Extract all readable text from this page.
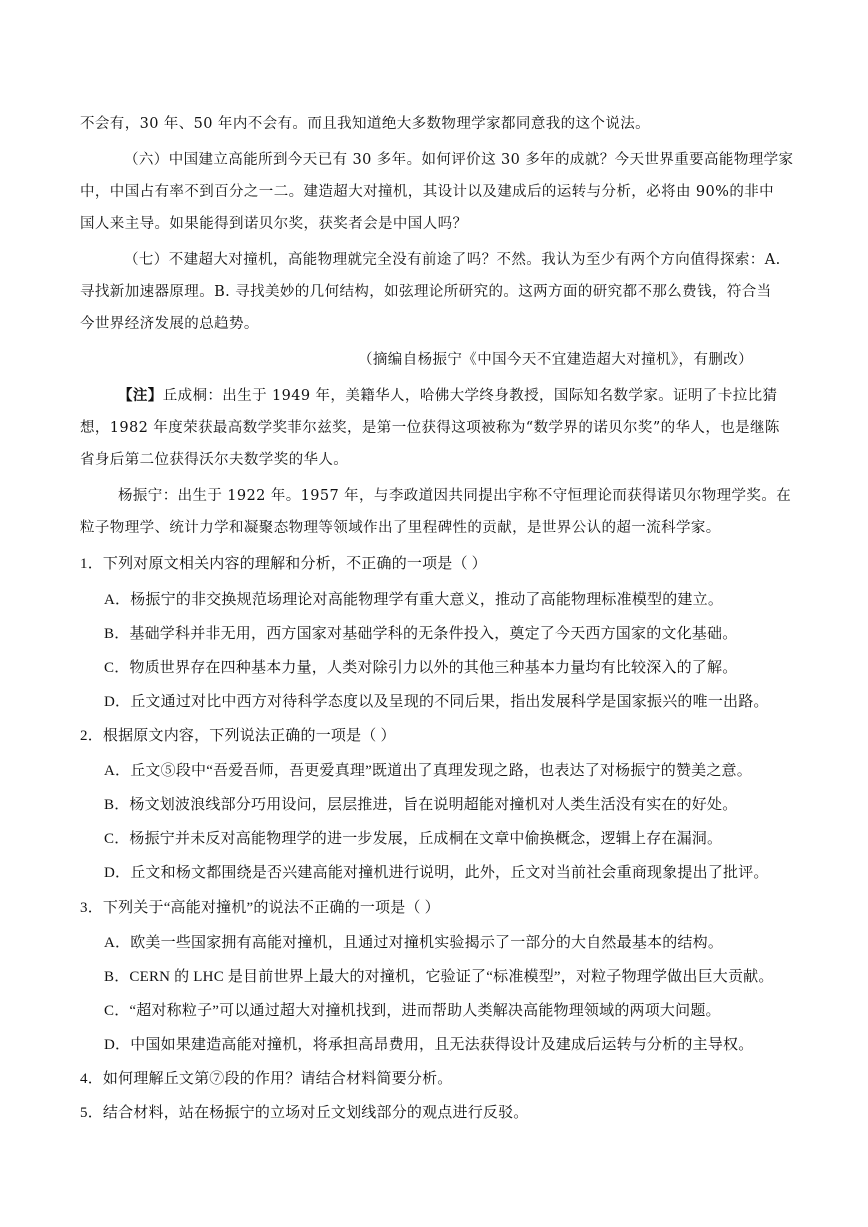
不会有，30 年、50 年内不会有。而且我知道绝大多数物理学家都同意我的这个说法。
（六）中国建立高能所到今天已有 30 多年。如何评价这 30 多年的成就？今天世界重要高能物理学家
中，中国占有率不到百分之一二。建造超大对撞机，其设计以及建成后的运转与分析，必将由 90%的非中
国人来主导。如果能得到诺贝尔奖，获奖者会是中国人吗？
（七）不建超大对撞机，高能物理就完全没有前途了吗？不然。我认为至少有两个方向值得探索：A.
寻找新加速器原理。B. 寻找美妙的几何结构，如弦理论所研究的。这两方面的研究都不那么费钱，符合当
今世界经济发展的总趋势。
（摘编自杨振宁《中国今天不宜建造超大对撞机》，有删改）
【注】丘成桐：出生于 1949 年，美籍华人，哈佛大学终身教授，国际知名数学家。证明了卡拉比猜
想，1982 年度荣获最高数学奖菲尔兹奖，是第一位获得这项被称为“数学界的诺贝尔奖”的华人，也是继陈
省身后第二位获得沃尔夫数学奖的华人。
杨振宁：出生于 1922 年。1957 年，与李政道因共同提出宇称不守恒理论而获得诺贝尔物理学奖。在
粒子物理学、统计力学和凝聚态物理等领域作出了里程碑性的贡献，是世界公认的超一流科学家。
1．下列对原文相关内容的理解和分析，不正确的一项是（ ）
A．杨振宁的非交换规范场理论对高能物理学有重大意义，推动了高能物理标准模型的建立。
B．基础学科并非无用，西方国家对基础学科的无条件投入，奠定了今天西方国家的文化基础。
C．物质世界存在四种基本力量，人类对除引力以外的其他三种基本力量均有比较深入的了解。
D．丘文通过对比中西方对待科学态度以及呈现的不同后果，指出发展科学是国家振兴的唯一出路。
2．根据原文内容，下列说法正确的一项是（ ）
A．丘文⑤段中“吾爱吾师，吾更爱真理”既道出了真理发现之路，也表达了对杨振宁的赞美之意。
B．杨文划波浪线部分巧用设问，层层推进，旨在说明超能对撞机对人类生活没有实在的好处。
C．杨振宁并未反对高能物理学的进一步发展，丘成桐在文章中偷换概念，逻辑上存在漏洞。
D．丘文和杨文都围绕是否兴建高能对撞机进行说明，此外，丘文对当前社会重商现象提出了批评。
3．下列关于“高能对撞机”的说法不正确的一项是（ ）
A．欧美一些国家拥有高能对撞机，且通过对撞机实验揭示了一部分的大自然最基本的结构。
B．CERN 的 LHC 是目前世界上最大的对撞机，它验证了“标准模型”，对粒子物理学做出巨大贡献。
C．“超对称粒子”可以通过超大对撞机找到，进而帮助人类解决高能物理领域的两项大问题。
D．中国如果建造高能对撞机，将承担高昂费用，且无法获得设计及建成后运转与分析的主导权。
4．如何理解丘文第⑦段的作用？请结合材料简要分析。
5．结合材料，站在杨振宁的立场对丘文划线部分的观点进行反驳。
